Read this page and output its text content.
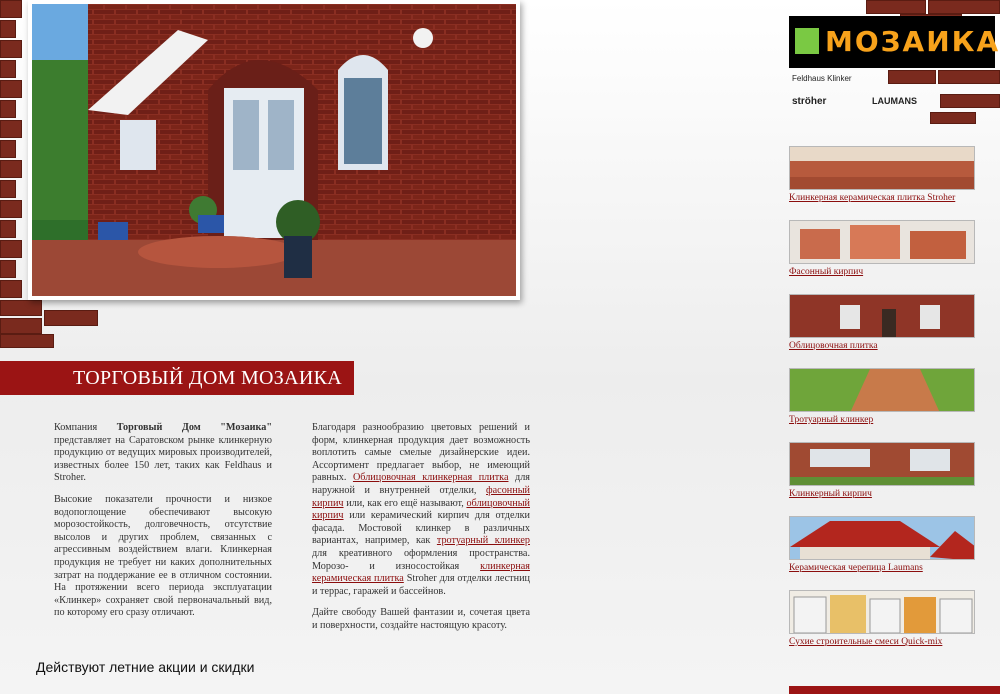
ТОРГОВЫЙ ДОМ МОЗАИКА

Компания Торговый Дом "Мозаика" представляет на Саратовском рынке клинкерную продукцию от ведущих мировых производителей, известных более 150 лет, таких как Feldhaus и Stroher.

Высокие показатели прочности и низкое водопоглощение обеспечивают высокую морозостойкость, долговечность, отсутствие высолов и других проблем, связанных с агрессивным воздействием влаги. Клинкерная продукция не требует ни каких дополнительных затрат на поддержание ее в отличном состоянии. На протяжении всего периода эксплуатации «Клинкер» сохраняет свой первоначальный вид, по которому его сразу отличают.

Благодаря разнообразию цветовых решений и форм, клинкерная продукция дает возможность воплотить самые смелые дизайнерские идеи. Ассортимент предлагает выбор, не имеющий равных. Облицовочная клинкерная плитка для наружной и внутренней отделки, фасонный кирпич или, как его ещё называют, облицовочный кирпич или керамический кирпич для отделки фасада. Мостовой клинкер в различных вариантах, например, как тротуарный клинкер для креативного оформления пространства. Морозо- и износостойкая клинкерная керамическая плитка Stroher для отделки лестниц и террас, гаражей и бассейнов.

Дайте свободу Вашей фантазии и, сочетая цвета и поверхности, создайте настоящую красоту.

Действуют летние акции и скидки
МОЗАИКА
Feldhaus Klinker
ströher	LAUMANS
Клинкерная керамическая плитка Stroher
Фасонный кирпич
Облицовочная плитка
Тротуарный клинкер
Клинкерный кирпич
Керамическая черепица Laumans
Сухие строительные смеси Quick-mix
